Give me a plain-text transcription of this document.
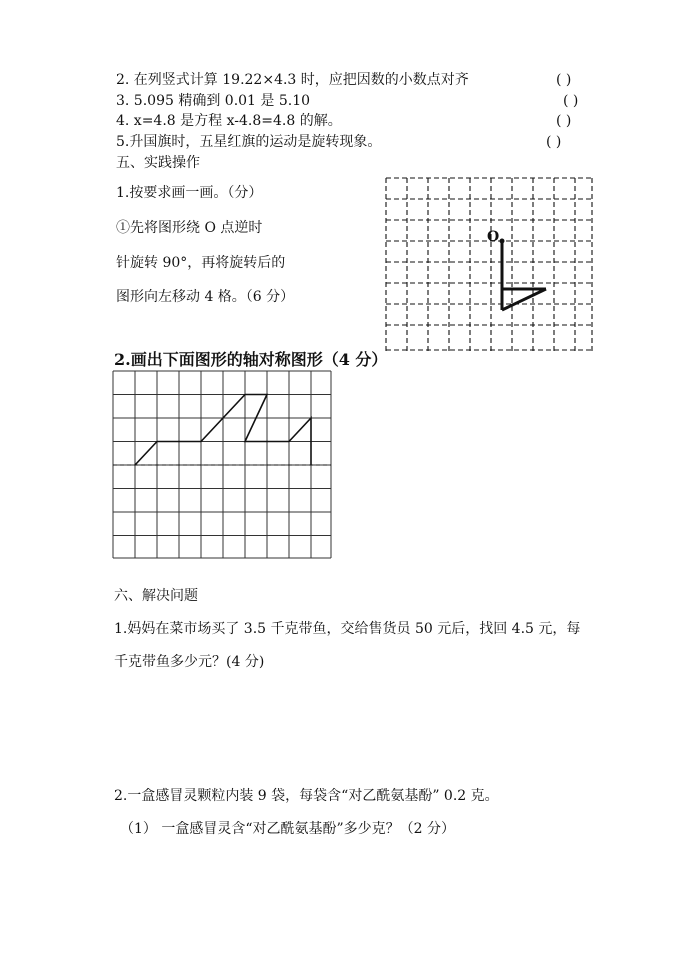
2. 在列竖式计算 19.22×4.3 时，应把因数的小数点对齐	( )
3. 5.095 精确到 0.01 是 5.10	( )
4. x=4.8 是方程 x-4.8=4.8 的解。	( )
5.升国旗时，五星红旗的运动是旋转现象。	( )
五、实践操作
1.按要求画一画。（分）
①先将图形绕 O 点逆时
针旋转 90°，再将旋转后的
图形向左移动 4 格。（6 分）
O
2.画出下面图形的轴对称图形（4 分）
六、解决问题
1.妈妈在菜市场买了 3.5 千克带鱼，交给售货员 50 元后，找回 4.5 元，每
千克带鱼多少元？(4 分)
2.一盒感冒灵颗粒内装 9 袋，每袋含“对乙酰氨基酚” 0.2 克。
（1） 一盒感冒灵含“对乙酰氨基酚”多少克？（2 分）
